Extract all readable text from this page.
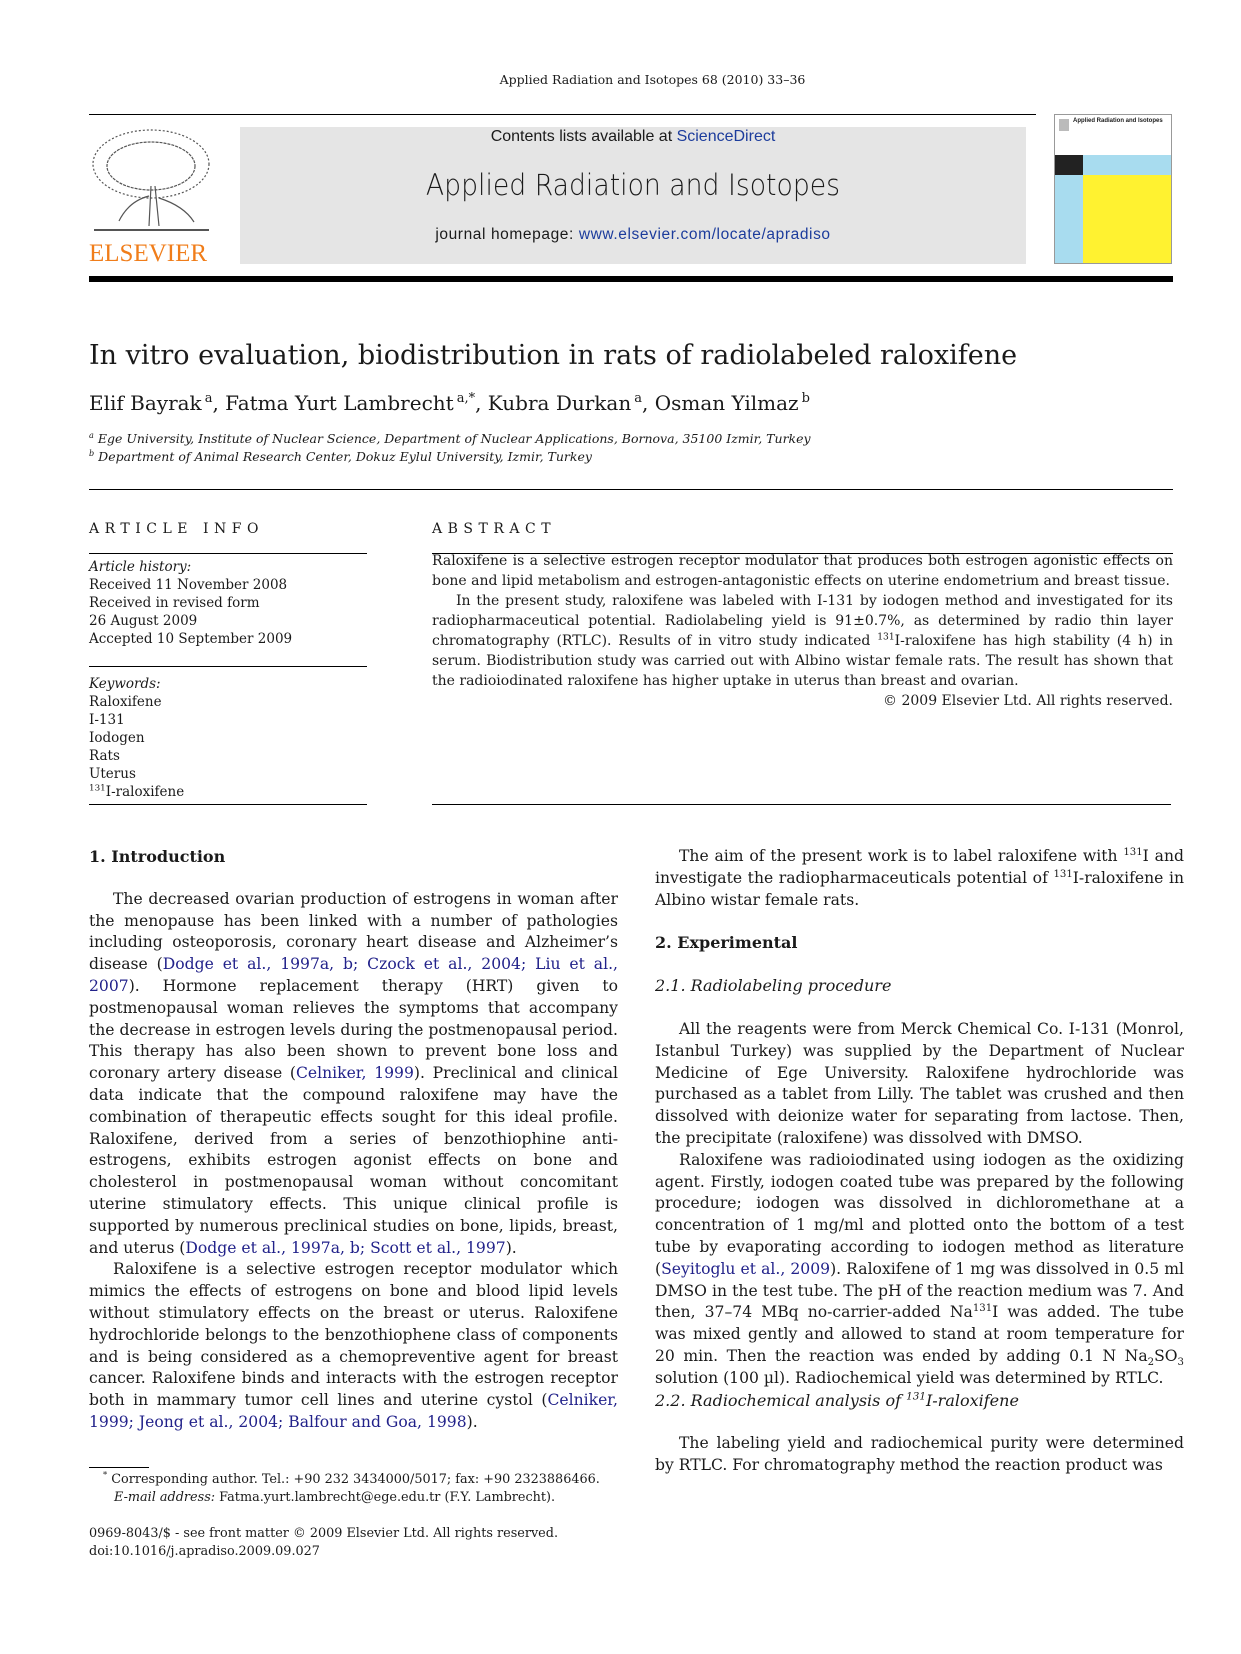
Applied Radiation and Isotopes 68 (2010) 33–36
ELSEVIER
Contents lists available at ScienceDirect
Applied Radiation and Isotopes
journal homepage: www.elsevier.com/locate/apradiso
Applied Radiation and Isotopes
In vitro evaluation, biodistribution in rats of radiolabeled raloxifene
Elif Bayrak $^a$, Fatma Yurt Lambrecht $^{a,*}$, Kubra Durkan $^a$, Osman Yilmaz $^b$
$^a$ Ege University, Institute of Nuclear Science, Department of Nuclear Applications, Bornova, 35100 Izmir, Turkey
$^b$ Department of Animal Research Center, Dokuz Eylul University, Izmir, Turkey
ARTICLE INFO	ABSTRACT
Article history:
Received 11 November 2008
Received in revised form
26 August 2009
Accepted 10 September 2009
Keywords:
Raloxifene
I-131
Iodogen
Rats
Uterus
$^{131}$I-raloxifene

Raloxifene is a selective estrogen receptor modulator that produces both estrogen agonistic effects on bone and lipid metabolism and estrogen-antagonistic effects on uterine endometrium and breast tissue.

In the present study, raloxifene was labeled with I-131 by iodogen method and investigated for its radiopharmaceutical potential. Radiolabeling yield is 91±0.7%, as determined by radio thin layer chromatography (RTLC). Results of in vitro study indicated $^{131}$I-raloxifene has high stability (4 h) in serum. Biodistribution study was carried out with Albino wistar female rats. The result has shown that the radioiodinated raloxifene has higher uptake in uterus than breast and ovarian.

© 2009 Elsevier Ltd. All rights reserved.

1. Introduction

The decreased ovarian production of estrogens in woman after the menopause has been linked with a number of pathologies including osteoporosis, coronary heart disease and Alzheimer’s disease (Dodge et al., 1997a, b; Czock et al., 2004; Liu et al., 2007). Hormone replacement therapy (HRT) given to postmenopausal woman relieves the symptoms that accompany the decrease in estrogen levels during the postmenopausal period. This therapy has also been shown to prevent bone loss and coronary artery disease (Celniker, 1999). Preclinical and clinical data indicate that the compound raloxifene may have the combination of therapeutic effects sought for this ideal profile. Raloxifene, derived from a series of benzothiophine anti-estrogens, exhibits estrogen agonist effects on bone and cholesterol in postmenopausal woman without concomitant uterine stimulatory effects. This unique clinical profile is supported by numerous preclinical studies on bone, lipids, breast, and uterus (Dodge et al., 1997a, b; Scott et al., 1997).

Raloxifene is a selective estrogen receptor modulator which mimics the effects of estrogens on bone and blood lipid levels without stimulatory effects on the breast or uterus. Raloxifene hydrochloride belongs to the benzothiophene class of components and is being considered as a chemopreventive agent for breast cancer. Raloxifene binds and interacts with the estrogen receptor both in mammary tumor cell lines and uterine cystol (Celniker, 1999; Jeong et al., 2004; Balfour and Goa, 1998).

The aim of the present work is to label raloxifene with $^{131}$I and investigate the radiopharmaceuticals potential of $^{131}$I-raloxifene in Albino wistar female rats.

2. Experimental

2.1. Radiolabeling procedure

All the reagents were from Merck Chemical Co. I-131 (Monrol, Istanbul Turkey) was supplied by the Department of Nuclear Medicine of Ege University. Raloxifene hydrochloride was purchased as a tablet from Lilly. The tablet was crushed and then dissolved with deionize water for separating from lactose. Then, the precipitate (raloxifene) was dissolved with DMSO.

Raloxifene was radioiodinated using iodogen as the oxidizing agent. Firstly, iodogen coated tube was prepared by the following procedure; iodogen was dissolved in dichloromethane at a concentration of 1 mg/ml and plotted onto the bottom of a test tube by evaporating according to iodogen method as literature (Seyitoglu et al., 2009). Raloxifene of 1 mg was dissolved in 0.5 ml DMSO in the test tube. The pH of the reaction medium was 7. And then, 37–74 MBq no-carrier-added Na$^{131}$I was added. The tube was mixed gently and allowed to stand at room temperature for 20 min. Then the reaction was ended by adding 0.1 N $Na_2SO_3$ solution (100 µl). Radiochemical yield was determined by RTLC.

2.2. Radiochemical analysis of $^{131}$I-raloxifene

The labeling yield and radiochemical purity were determined by RTLC. For chromatography method the reaction product was

* Corresponding author. Tel.: +90 232 3434000/5017; fax: +90 2323886466.
E-mail address: Fatma.yurt.lambrecht@ege.edu.tr (F.Y. Lambrecht).
0969-8043/$ - see front matter © 2009 Elsevier Ltd. All rights reserved.
doi:10.1016/j.apradiso.2009.09.027
